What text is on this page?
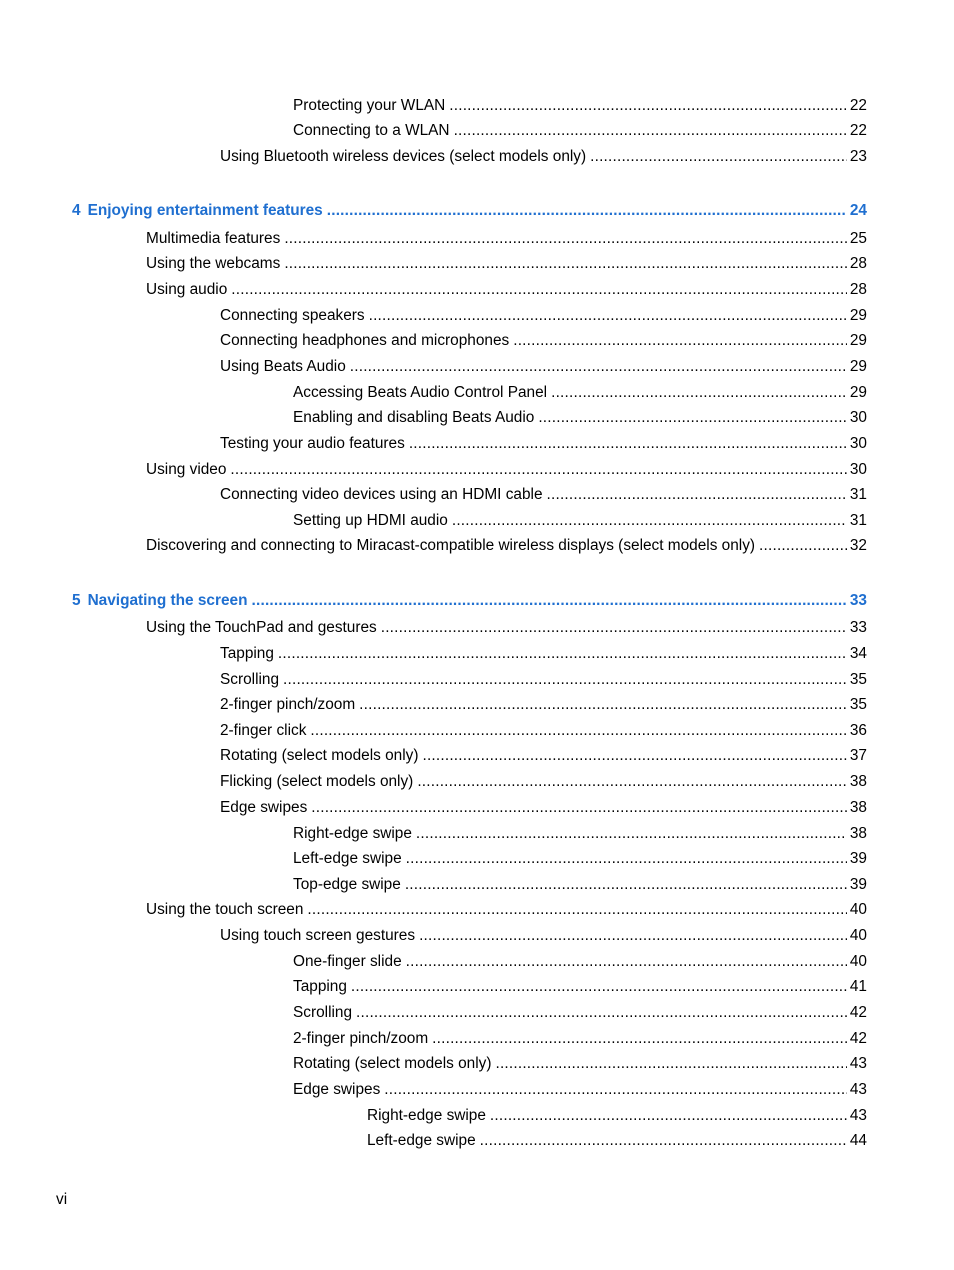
Protecting your WLAN .....	22
Connecting to a WLAN .....	22
Using Bluetooth wireless devices (select models only) .....	23
4 Enjoying entertainment features .....	24
Multimedia features .....	25
Using the webcams .....	28
Using audio .....	28
Connecting speakers .....	29
Connecting headphones and microphones .....	29
Using Beats Audio .....	29
Accessing Beats Audio Control Panel .....	29
Enabling and disabling Beats Audio .....	30
Testing your audio features .....	30
Using video .....	30
Connecting video devices using an HDMI cable .....	31
Setting up HDMI audio .....	31
Discovering and connecting to Miracast-compatible wireless displays (select models only) .....	32
5 Navigating the screen .....	33
Using the TouchPad and gestures .....	33
Tapping .....	34
Scrolling .....	35
2-finger pinch/zoom .....	35
2-finger click .....	36
Rotating (select models only) .....	37
Flicking (select models only) .....	38
Edge swipes .....	38
Right-edge swipe .....	38
Left-edge swipe .....	39
Top-edge swipe .....	39
Using the touch screen .....	40
Using touch screen gestures .....	40
One-finger slide .....	40
Tapping .....	41
Scrolling .....	42
2-finger pinch/zoom .....	42
Rotating (select models only) .....	43
Edge swipes .....	43
Right-edge swipe .....	43
Left-edge swipe .....	44
vi
